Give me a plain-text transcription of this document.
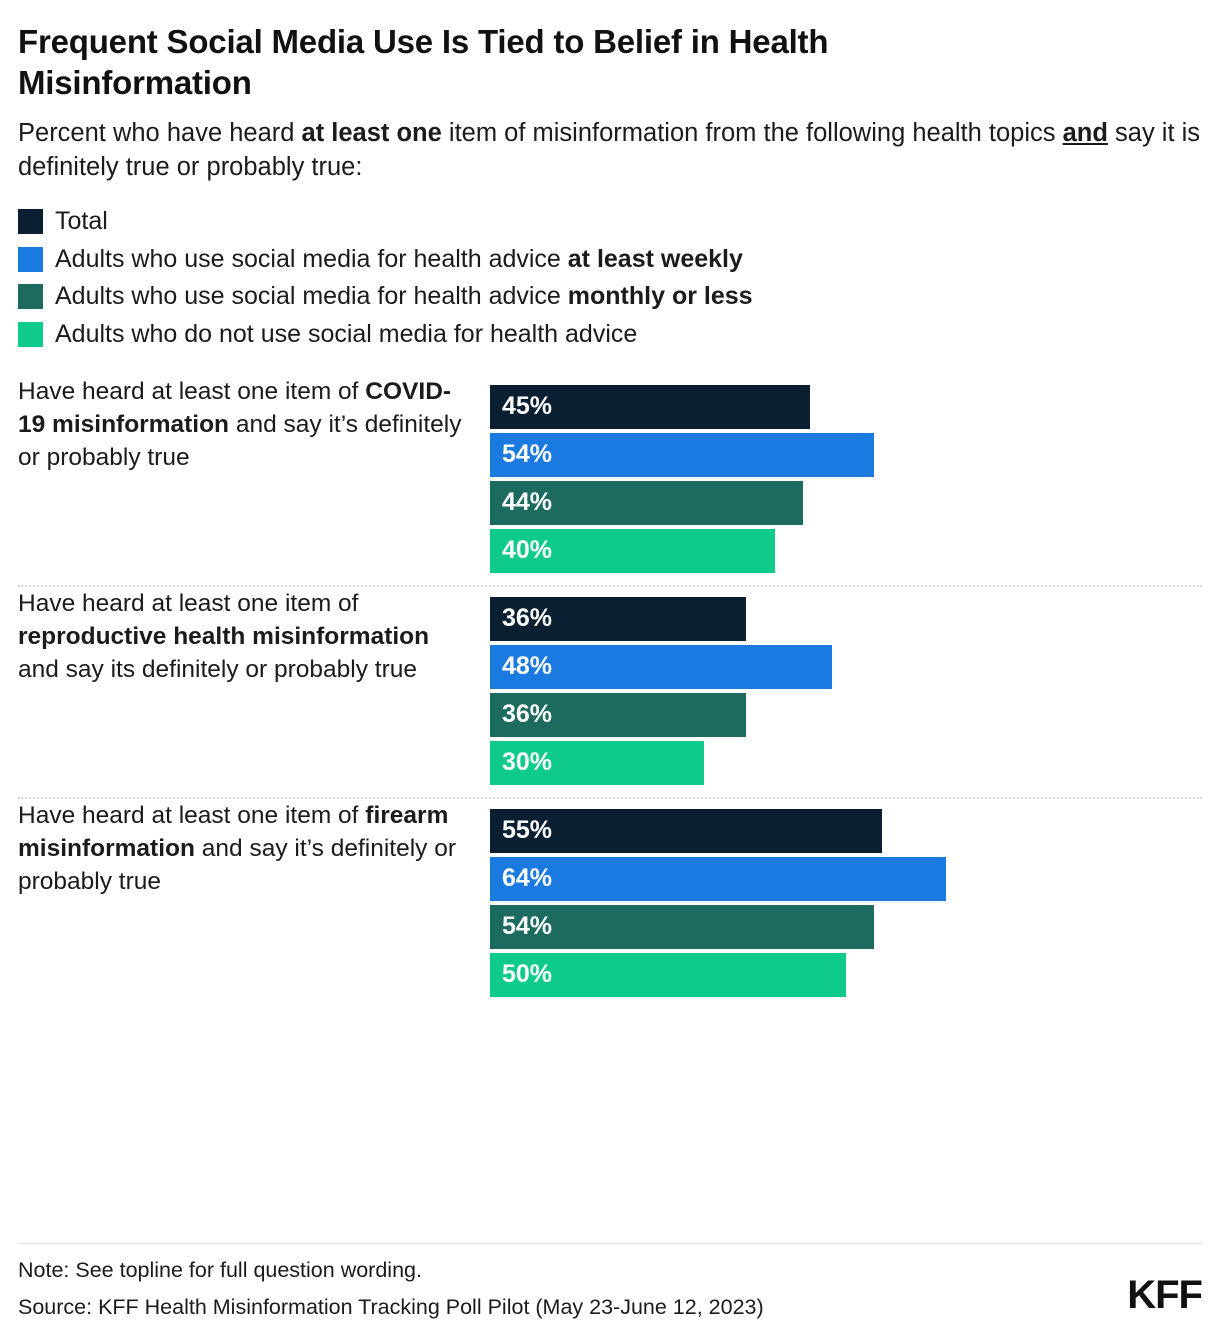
Frequent Social Media Use Is Tied to Belief in Health Misinformation
Percent who have heard at least one item of misinformation from the following health topics and say it is definitely true or probably true:
Total
Adults who use social media for health advice at least weekly
Adults who use social media for health advice monthly or less
Adults who do not use social media for health advice
Have heard at least one item of COVID-19 misinformation and say it’s definitely or probably true
45%
54%
44%
40%
Have heard at least one item of reproductive health misinformation and say its definitely or probably true
36%
48%
36%
30%
Have heard at least one item of firearm misinformation and say it’s definitely or probably true
55%
64%
54%
50%
Note: See topline for full question wording.
Source: KFF Health Misinformation Tracking Poll Pilot (May 23-June 12, 2023)	KFF
